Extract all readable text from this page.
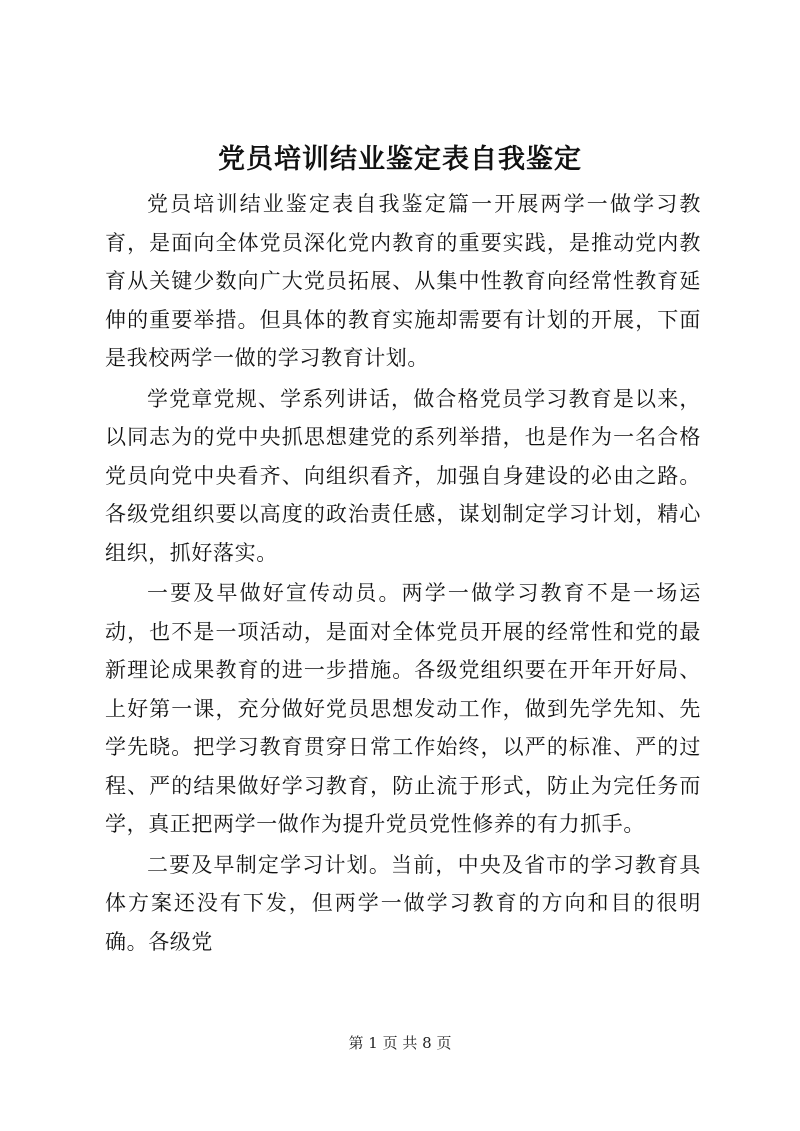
党员培训结业鉴定表自我鉴定

党员培训结业鉴定表自我鉴定篇一开展两学一做学习教育，是面向全体党员深化党内教育的重要实践，是推动党内教育从关键少数向广大党员拓展、从集中性教育向经常性教育延伸的重要举措。但具体的教育实施却需要有计划的开展，下面是我校两学一做的学习教育计划。

学党章党规、学系列讲话，做合格党员学习教育是以来，以同志为的党中央抓思想建党的系列举措，也是作为一名合格党员向党中央看齐、向组织看齐，加强自身建设的必由之路。各级党组织要以高度的政治责任感，谋划制定学习计划，精心组织，抓好落实。

一要及早做好宣传动员。两学一做学习教育不是一场运动，也不是一项活动，是面对全体党员开展的经常性和党的最新理论成果教育的进一步措施。各级党组织要在开年开好局、上好第一课，充分做好党员思想发动工作，做到先学先知、先学先晓。把学习教育贯穿日常工作始终，以严的标准、严的过程、严的结果做好学习教育，防止流于形式，防止为完任务而学，真正把两学一做作为提升党员党性修养的有力抓手。

二要及早制定学习计划。当前，中央及省市的学习教育具体方案还没有下发，但两学一做学习教育的方向和目的很明确。各级党

第 1 页 共 8 页
